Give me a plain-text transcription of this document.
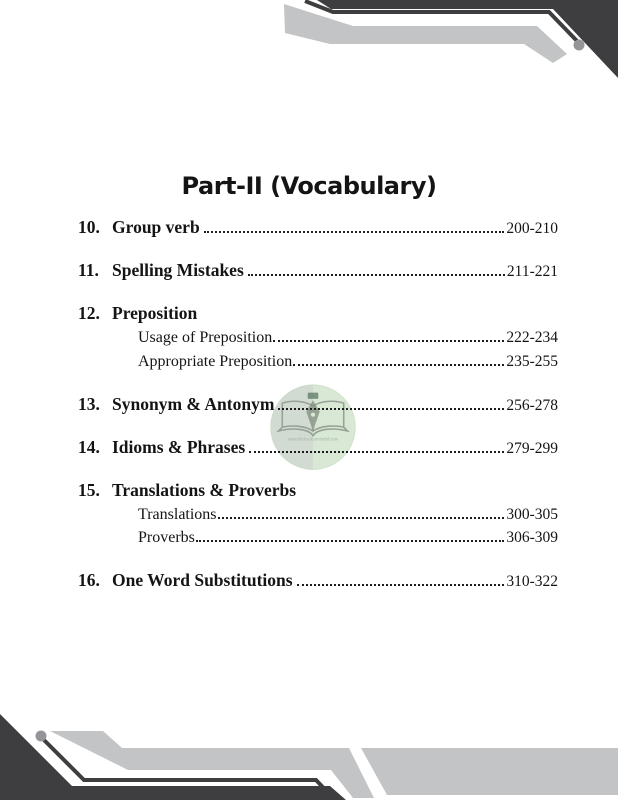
www.thebookcenterbd.com
Part-II (Vocabulary)
10. Group verb	200-210
11. Spelling Mistakes	211-221
12. Preposition
Usage of Preposition	222-234
Appropriate Preposition	235-255
13. Synonym & Antonym	256-278
14. Idioms & Phrases	279-299
15. Translations & Proverbs
Translations	300-305
Proverbs	306-309
16. One Word Substitutions	310-322
